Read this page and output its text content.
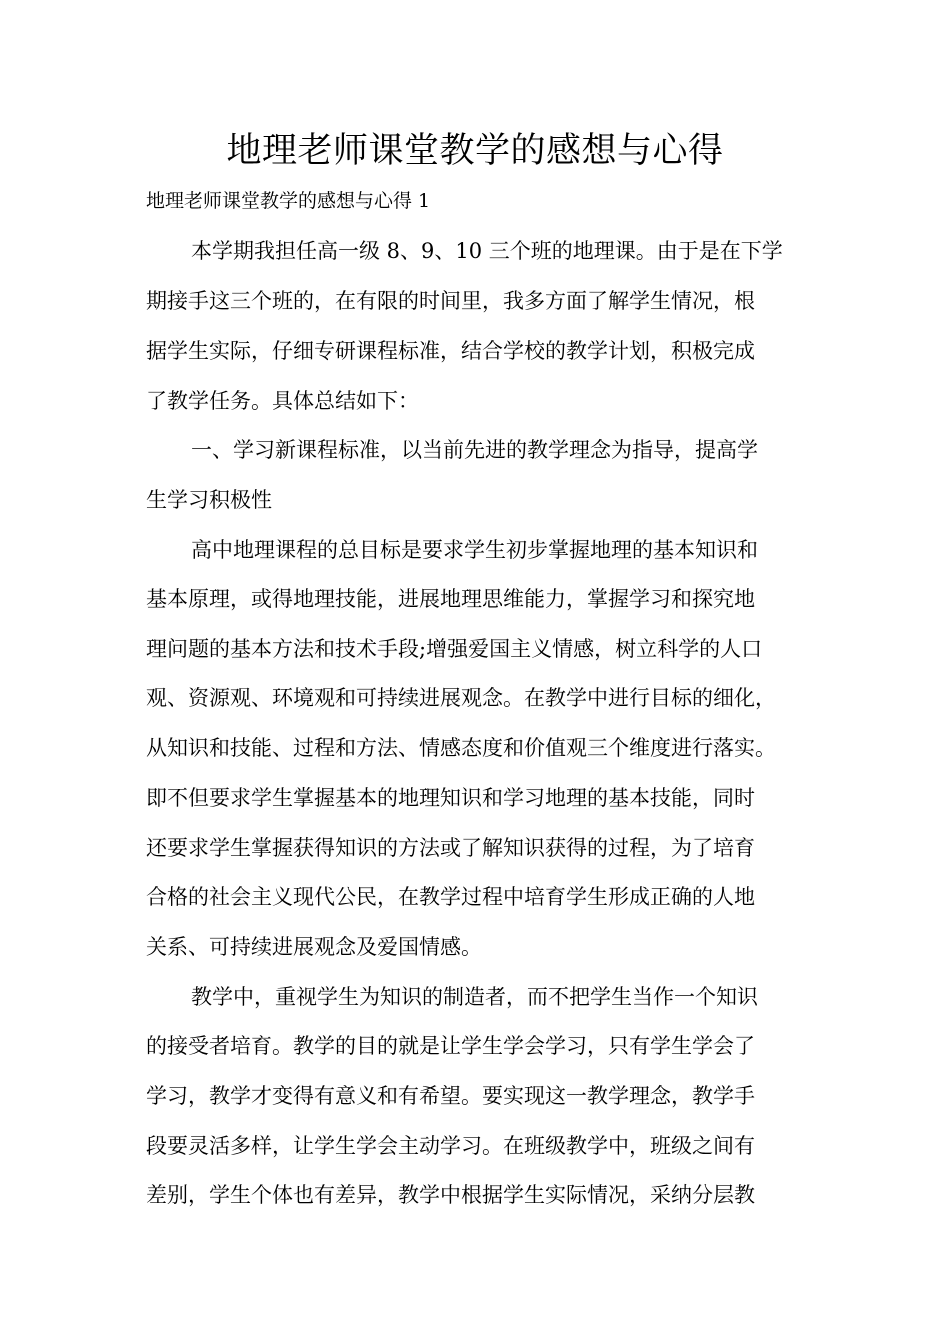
地理老师课堂教学的感想与心得

地理老师课堂教学的感想与心得 1

本学期我担任高一级 8、9、10 三个班的地理课。由于是在下学

期接手这三个班的，在有限的时间里，我多方面了解学生情况，根

据学生实际，仔细专研课程标准，结合学校的教学计划，积极完成

了教学任务。具体总结如下：

一、学习新课程标准，以当前先进的教学理念为指导，提高学

生学习积极性

高中地理课程的总目标是要求学生初步掌握地理的基本知识和

基本原理，或得地理技能，进展地理思维能力，掌握学习和探究地

理问题的基本方法和技术手段;增强爱国主义情感，树立科学的人口

观、资源观、环境观和可持续进展观念。在教学中进行目标的细化，

从知识和技能、过程和方法、情感态度和价值观三个维度进行落实。

即不但要求学生掌握基本的地理知识和学习地理的基本技能，同时

还要求学生掌握获得知识的方法或了解知识获得的过程，为了培育

合格的社会主义现代公民，在教学过程中培育学生形成正确的人地

关系、可持续进展观念及爱国情感。

教学中，重视学生为知识的制造者，而不把学生当作一个知识

的接受者培育。教学的目的就是让学生学会学习，只有学生学会了

学习，教学才变得有意义和有希望。要实现这一教学理念，教学手

段要灵活多样，让学生学会主动学习。在班级教学中，班级之间有

差别，学生个体也有差异，教学中根据学生实际情况，采纳分层教
